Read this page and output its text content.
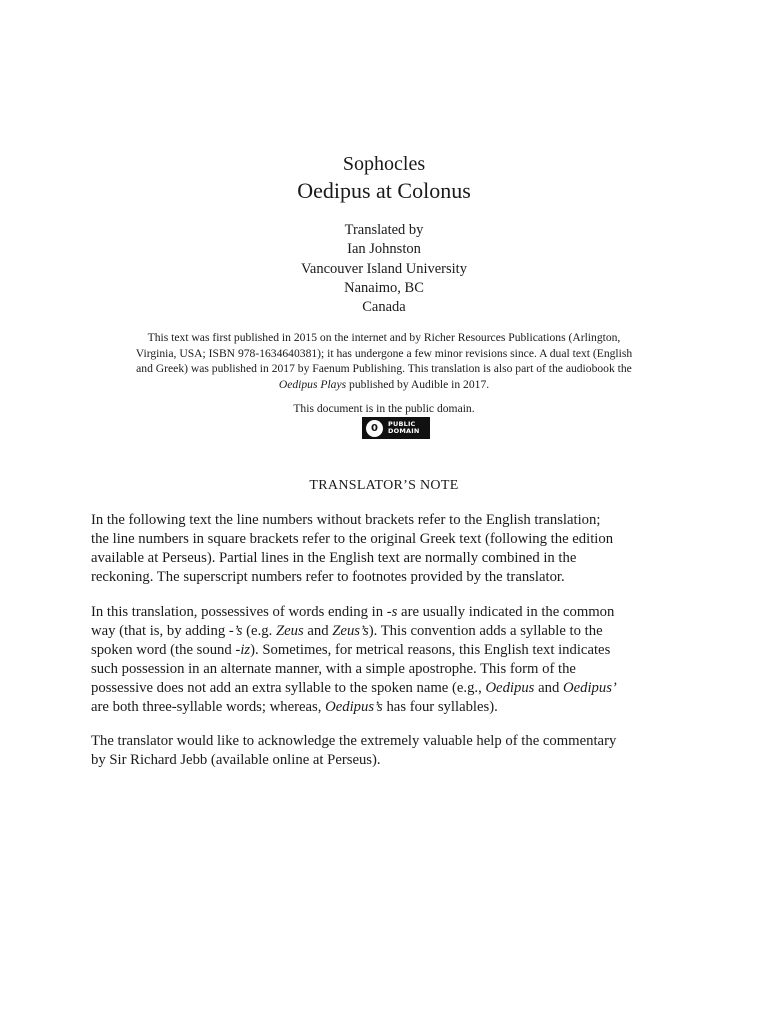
Sophocles
Oedipus at Colonus
Translated by
Ian Johnston
Vancouver Island University
Nanaimo, BC
Canada
This text was first published in 2015 on the internet and by Richer Resources Publications (Arlington,
Virginia, USA; ISBN 978-1634640381); it has undergone a few minor revisions since. A dual text (English
and Greek) was published in 2017 by Faenum Publishing. This translation is also part of the audiobook the
Oedipus Plays published by Audible in 2017.
This document is in the public domain.
0 PUBLIC
DOMAIN
TRANSLATOR’S NOTE
In the following text the line numbers without brackets refer to the English translation;
the line numbers in square brackets refer to the original Greek text (following the edition
available at Perseus). Partial lines in the English text are normally combined in the
reckoning. The superscript numbers refer to footnotes provided by the translator.
In this translation, possessives of words ending in -s are usually indicated in the common
way (that is, by adding -’s (e.g. Zeus and Zeus’s). This convention adds a syllable to the
spoken word (the sound -iz). Sometimes, for metrical reasons, this English text indicates
such possession in an alternate manner, with a simple apostrophe. This form of the
possessive does not add an extra syllable to the spoken name (e.g., Oedipus and Oedipus’
are both three-syllable words; whereas, Oedipus’s has four syllables).
The translator would like to acknowledge the extremely valuable help of the commentary
by Sir Richard Jebb (available online at Perseus).
